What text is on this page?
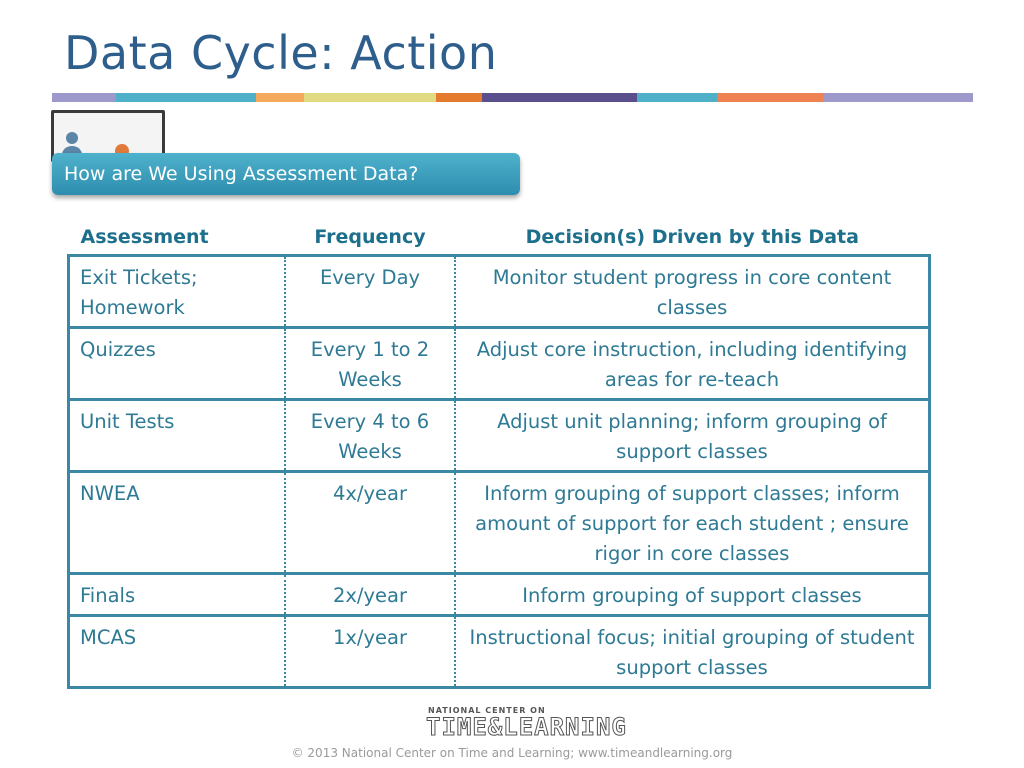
Data Cycle: Action
How are We Using Assessment Data?
Assessment	Frequency	Decision(s) Driven by this Data
Exit Tickets; Homework	Every Day	Monitor student progress in core content classes
Quizzes	Every 1 to 2 Weeks	Adjust core instruction, including identifying areas for re-teach
Unit Tests	Every 4 to 6 Weeks	Adjust unit planning; inform grouping of support classes
NWEA	4x/year	Inform grouping of support classes; inform amount of support for each student ; ensure rigor in core classes
Finals	2x/year	Inform grouping of support classes
MCAS	1x/year	Instructional focus; initial grouping of student support classes
NATIONAL CENTER ON
TIME&LEARNING
© 2013 National Center on Time and Learning; www.timeandlearning.org
